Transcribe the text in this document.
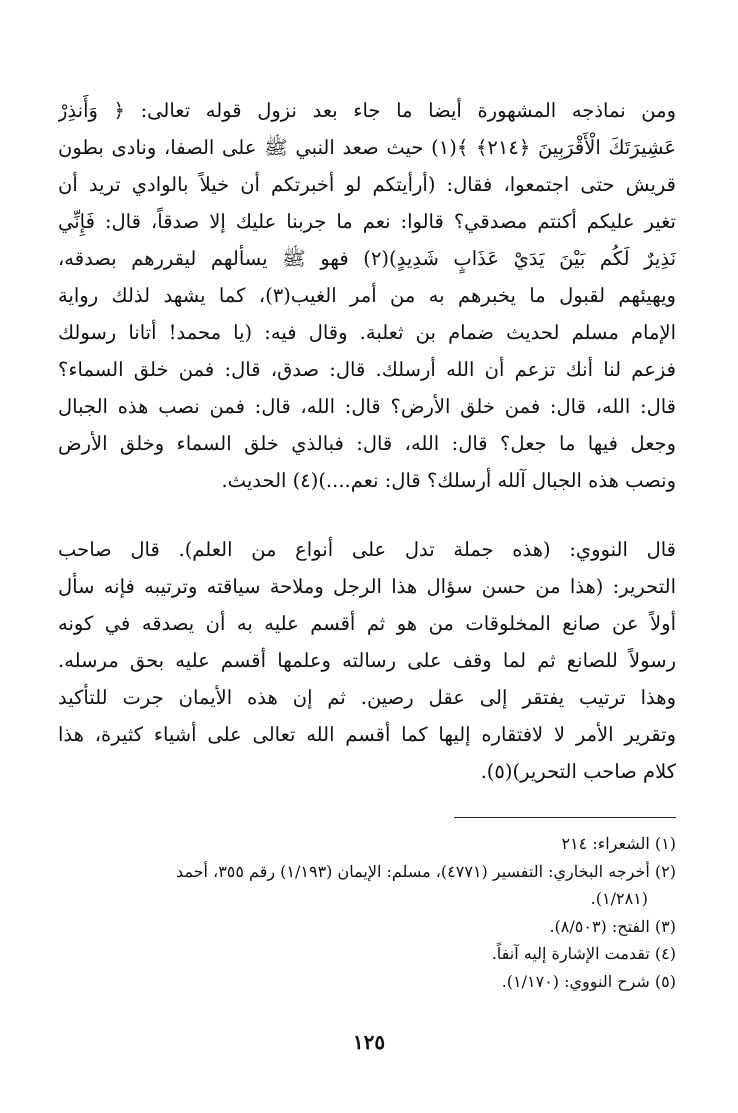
ومن نماذجه المشهورة أيضا ما جاء بعد نزول قوله تعالى: ﴿ وَأَنذِرْ
عَشِيرَتَكَ الْأَقْرَبِينَ ﴿٢١٤﴾ ﴾(١) حيث صعد النبي ﷺ على الصفا، ونادى بطون
قريش حتى اجتمعوا، فقال: (أرأيتكم لو أخبرتكم أن خيلاً بالوادي تريد أن
تغير عليكم أكنتم مصدقي؟ قالوا: نعم ما جربنا عليك إلا صدقاً، قال: فَإِنِّي
نَذِيرٌ لَكُم بَيْنَ يَدَيْ عَذَابٍ شَدِيدٍ)(٢) فهو ﷺ يسألهم ليقررهم بصدقه،
ويهيئهم لقبول ما يخبرهم به من أمر الغيب(٣)، كما يشهد لذلك رواية
الإمام مسلم لحديث ضمام بن ثعلبة. وقال فيه: (يا محمد! أتانا رسولك
فزعم لنا أنك تزعم أن الله أرسلك. قال: صدق، قال: فمن خلق السماء؟
قال: الله، قال: فمن خلق الأرض؟ قال: الله، قال: فمن نصب هذه الجبال
وجعل فيها ما جعل؟ قال: الله، قال: فبالذي خلق السماء وخلق الأرض
ونصب هذه الجبال آلله أرسلك؟ قال: نعم....)(٤) الحديث.
قال النووي: (هذه جملة تدل على أنواع من العلم). قال صاحب
التحرير: (هذا من حسن سؤال هذا الرجل وملاحة سياقته وترتيبه فإنه سأل
أولاً عن صانع المخلوقات من هو ثم أقسم عليه به أن يصدقه في كونه
رسولاً للصانع ثم لما وقف على رسالته وعلمها أقسم عليه بحق مرسله.
وهذا ترتيب يفتقر إلى عقل رصين. ثم إن هذه الأيمان جرت للتأكيد
وتقرير الأمر لا لافتقاره إليها كما أقسم الله تعالى على أشياء كثيرة، هذا
كلام صاحب التحرير)(٥).
(١) الشعراء: ٢١٤
(٢) أخرجه البخاري: التفسير (٤٧٧١)، مسلم: الإيمان (١/١٩٣) رقم ٣٥٥، أحمد
(١/٢٨١).
(٣) الفتح: (٨/٥٠٣).
(٤) تقدمت الإشارة إليه آنفاً.
(٥) شرح النووي: (١/١٧٠).
١٢٥
